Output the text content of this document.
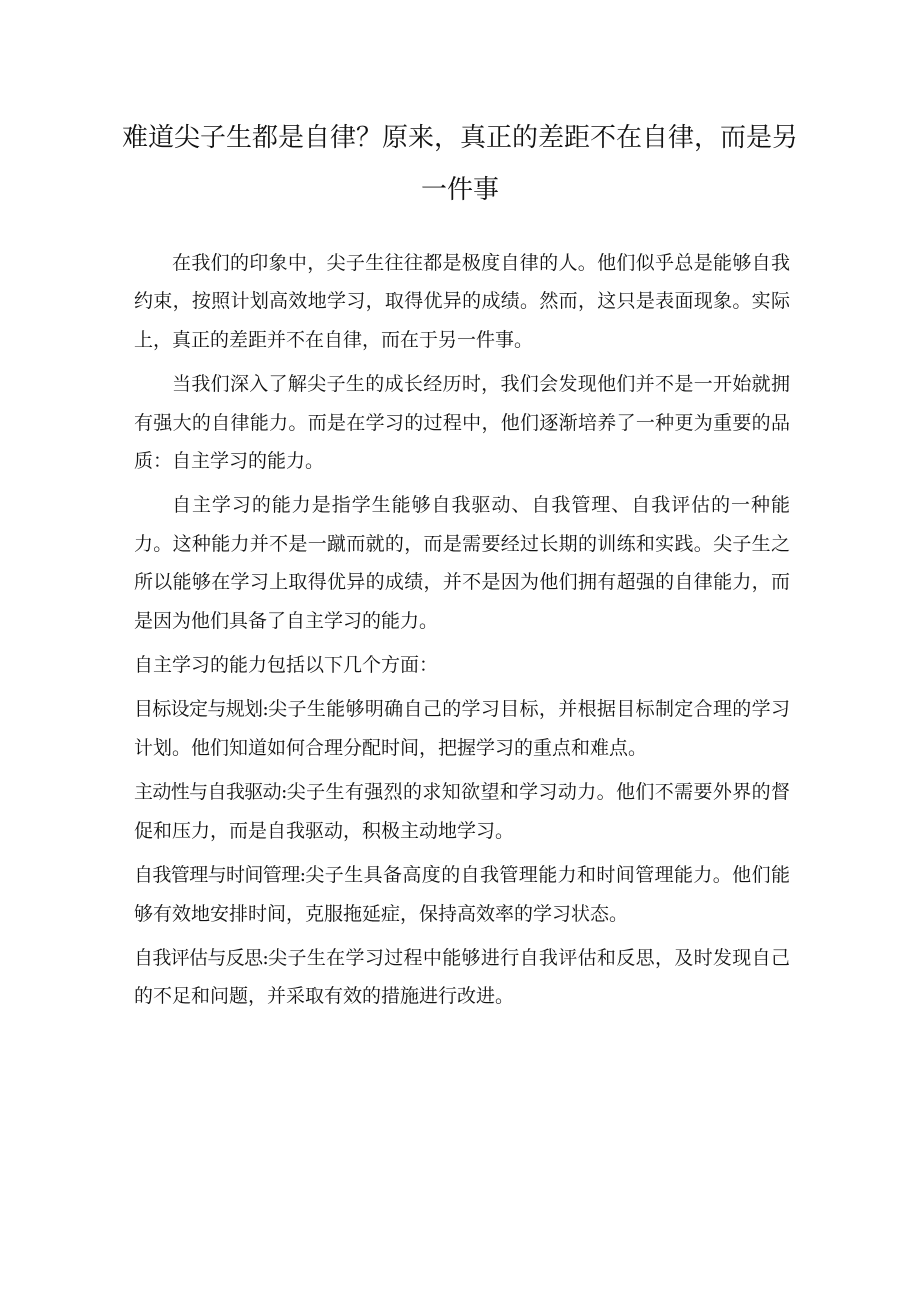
难道尖子生都是自律？原来，真正的差距不在自律，而是另一件事

在我们的印象中，尖子生往往都是极度自律的人。他们似乎总是能够自我约束，按照计划高效地学习，取得优异的成绩。然而，这只是表面现象。实际上，真正的差距并不在自律，而在于另一件事。

当我们深入了解尖子生的成长经历时，我们会发现他们并不是一开始就拥有强大的自律能力。而是在学习的过程中，他们逐渐培养了一种更为重要的品质：自主学习的能力。

自主学习的能力是指学生能够自我驱动、自我管理、自我评估的一种能力。这种能力并不是一蹴而就的，而是需要经过长期的训练和实践。尖子生之所以能够在学习上取得优异的成绩，并不是因为他们拥有超强的自律能力，而是因为他们具备了自主学习的能力。

自主学习的能力包括以下几个方面：

目标设定与规划:尖子生能够明确自己的学习目标，并根据目标制定合理的学习计划。他们知道如何合理分配时间，把握学习的重点和难点。

主动性与自我驱动:尖子生有强烈的求知欲望和学习动力。他们不需要外界的督促和压力，而是自我驱动，积极主动地学习。

自我管理与时间管理:尖子生具备高度的自我管理能力和时间管理能力。他们能够有效地安排时间，克服拖延症，保持高效率的学习状态。

自我评估与反思:尖子生在学习过程中能够进行自我评估和反思，及时发现自己的不足和问题，并采取有效的措施进行改进。
